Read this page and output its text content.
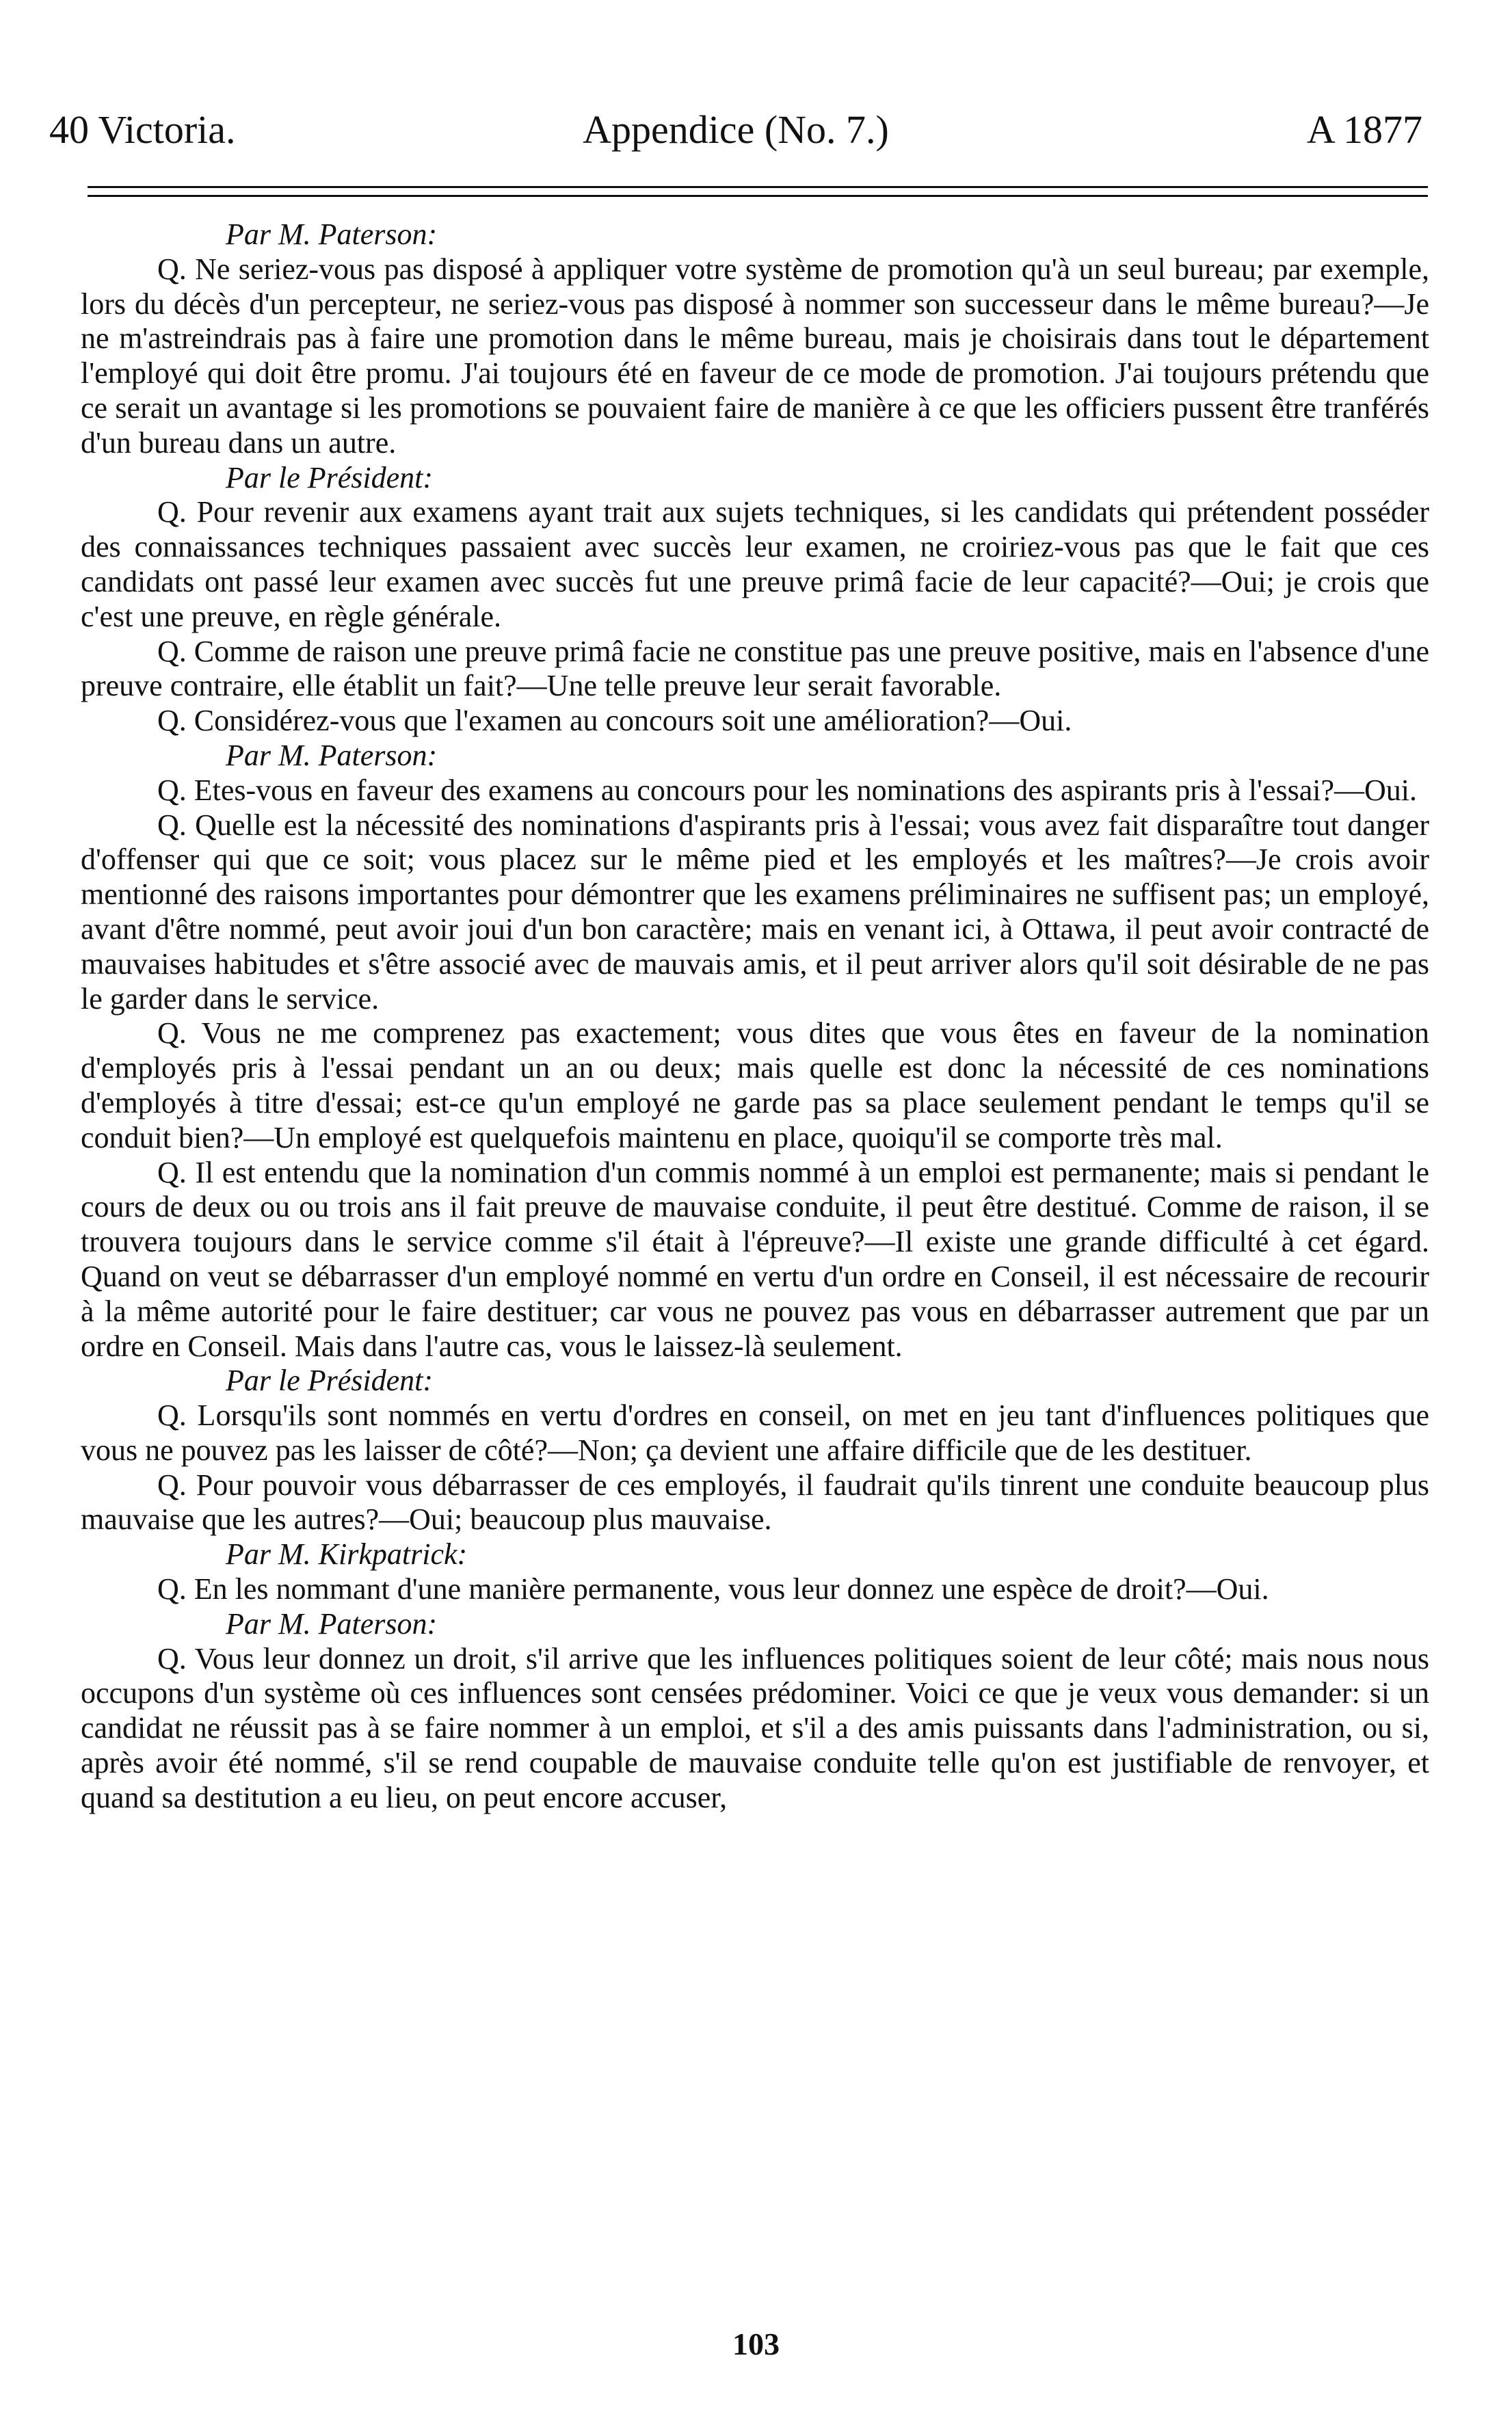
40 Victoria.	Appendice (No. 7.)	A 1877

Par M. Paterson:

Q. Ne seriez-vous pas disposé à appliquer votre système de promotion qu'à un seul bureau; par exemple, lors du décès d'un percepteur, ne seriez-vous pas disposé à nommer son successeur dans le même bureau?—Je ne m'astreindrais pas à faire une promotion dans le même bureau, mais je choisirais dans tout le département l'employé qui doit être promu. J'ai toujours été en faveur de ce mode de promotion. J'ai toujours prétendu que ce serait un avantage si les promotions se pouvaient faire de manière à ce que les officiers pussent être tranférés d'un bureau dans un autre.

Par le Président:

Q. Pour revenir aux examens ayant trait aux sujets techniques, si les candidats qui prétendent posséder des connaissances techniques passaient avec succès leur examen, ne croiriez-vous pas que le fait que ces candidats ont passé leur examen avec succès fut une preuve primâ facie de leur capacité?—Oui; je crois que c'est une preuve, en règle générale.

Q. Comme de raison une preuve primâ facie ne constitue pas une preuve positive, mais en l'absence d'une preuve contraire, elle établit un fait?—Une telle preuve leur serait favorable.

Q. Considérez-vous que l'examen au concours soit une amélioration?—Oui.

Par M. Paterson:

Q. Etes-vous en faveur des examens au concours pour les nominations des aspirants pris à l'essai?—Oui.

Q. Quelle est la nécessité des nominations d'aspirants pris à l'essai; vous avez fait disparaître tout danger d'offenser qui que ce soit; vous placez sur le même pied et les employés et les maîtres?—Je crois avoir mentionné des raisons importantes pour démontrer que les examens préliminaires ne suffisent pas; un employé, avant d'être nommé, peut avoir joui d'un bon caractère; mais en venant ici, à Ottawa, il peut avoir contracté de mauvaises habitudes et s'être associé avec de mauvais amis, et il peut arriver alors qu'il soit désirable de ne pas le garder dans le service.

Q. Vous ne me comprenez pas exactement; vous dites que vous êtes en faveur de la nomination d'employés pris à l'essai pendant un an ou deux; mais quelle est donc la nécessité de ces nominations d'employés à titre d'essai; est-ce qu'un employé ne garde pas sa place seulement pendant le temps qu'il se conduit bien?—Un employé est quelquefois maintenu en place, quoiqu'il se comporte très mal.

Q. Il est entendu que la nomination d'un commis nommé à un emploi est permanente; mais si pendant le cours de deux ou ou trois ans il fait preuve de mauvaise conduite, il peut être destitué. Comme de raison, il se trouvera toujours dans le service comme s'il était à l'épreuve?—Il existe une grande difficulté à cet égard. Quand on veut se débarrasser d'un employé nommé en vertu d'un ordre en Conseil, il est nécessaire de recourir à la même autorité pour le faire destituer; car vous ne pouvez pas vous en débarrasser autrement que par un ordre en Conseil. Mais dans l'autre cas, vous le laissez-là seulement.

Par le Président:

Q. Lorsqu'ils sont nommés en vertu d'ordres en conseil, on met en jeu tant d'influences politiques que vous ne pouvez pas les laisser de côté?—Non; ça devient une affaire difficile que de les destituer.

Q. Pour pouvoir vous débarrasser de ces employés, il faudrait qu'ils tinrent une conduite beaucoup plus mauvaise que les autres?—Oui; beaucoup plus mauvaise.

Par M. Kirkpatrick:

Q. En les nommant d'une manière permanente, vous leur donnez une espèce de droit?—Oui.

Par M. Paterson:

Q. Vous leur donnez un droit, s'il arrive que les influences politiques soient de leur côté; mais nous nous occupons d'un système où ces influences sont censées prédominer. Voici ce que je veux vous demander: si un candidat ne réussit pas à se faire nommer à un emploi, et s'il a des amis puissants dans l'administration, ou si, après avoir été nommé, s'il se rend coupable de mauvaise conduite telle qu'on est justifiable de renvoyer, et quand sa destitution a eu lieu, on peut encore accuser,

103
